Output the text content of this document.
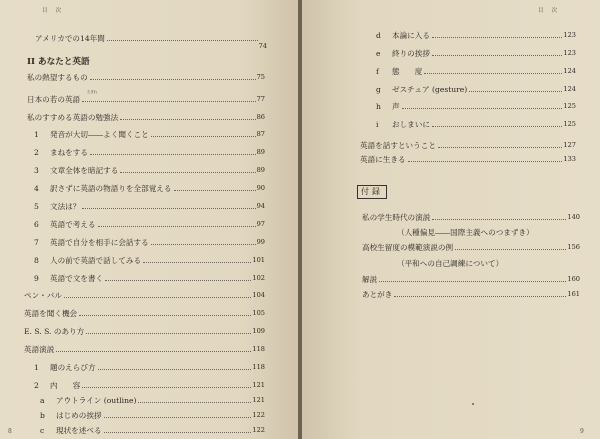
目次
アメリカでの14年間
74
II あなたと英語
ちぎれ
私の熱望するもの	75
日本の若の英語	77
私のすすめる英語の勉強法	86
1	発音が大切――よく聞くこと	87
2	まねをする	89
3	文章全体を暗記する	89
4	訳さずに英語の物語りを全部覚える	90
5	文法は？	94
6	英語で考える	97
7	英語で自分を相手に会話する	99
8	人の前で英語で話してみる	101
9	英語で文を書く	102
ペン・パル	104
英語を聞く機会	105
E. S. S. のあり方	109
英語演説	118
1	題のえらび方	118
2	内　　容	121
a	アウトライン (outline)	121
b	はじめの挨拶	122
c	現状を述べる	122
8
目次
d	本論に入る	123
e	終りの挨拶	123
f	態　　度	124
g	ゼスチュア (gesture)	124
h	声	125
i	おしまいに	125
英語を話すということ	127
英語に生きる	133
付録
私の学生時代の演説	140
（人種偏見――国際主義へのつまずき）
高校生留度の模範演説の例	156
（平和への自己調練について）
解説	160
あとがき	161
9
